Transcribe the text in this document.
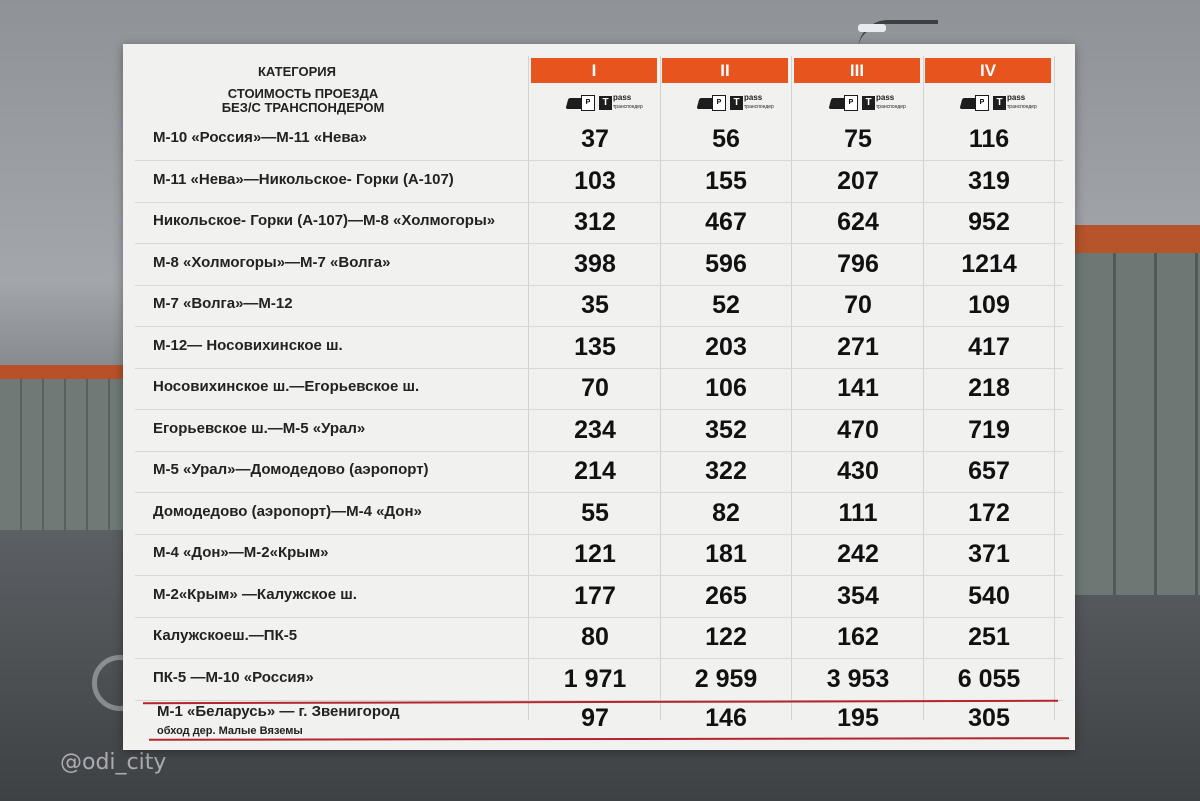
@odi_city
КАТЕГОРИЯ
СТОИМОСТЬ ПРОЕЗДА
БЕЗ/С ТРАНСПОНДЕРОМ
I	II	III	IV
P	T pass
транспондер
P	T pass
транспондер
P	T pass
транспондер
P	T pass
транспондер
М-10 «Россия»—М-11 «Нева»	37	56	75	116
М-11 «Нева»—Никольское- Горки (А-107)	103	155	207	319
Никольское- Горки (А-107)—М-8 «Холмогоры»	312	467	624	952
М-8 «Холмогоры»—М-7 «Волга»	398	596	796	1214
М-7 «Волга»—М-12	35	52	70	109
М-12— Носовихинское ш.	135	203	271	417
Носовихинское ш.—Егорьевское ш.	70	106	141	218
Егорьевское ш.—М-5 «Урал»	234	352	470	719
М-5 «Урал»—Домодедово (аэропорт)	214	322	430	657
Домодедово (аэропорт)—М-4 «Дон»	55	82	111	172
М-4 «Дон»—М-2«Крым»	121	181	242	371
М-2«Крым» —Калужское ш.	177	265	354	540
Калужскоеш.—ПК-5	80	122	162	251
ПК-5 —М-10 «Россия»	1 971	2 959	3 953	6 055
М-1 «Беларусь» — г. Звенигород
обход дер. Малые Вяземы	97	146	195	305
